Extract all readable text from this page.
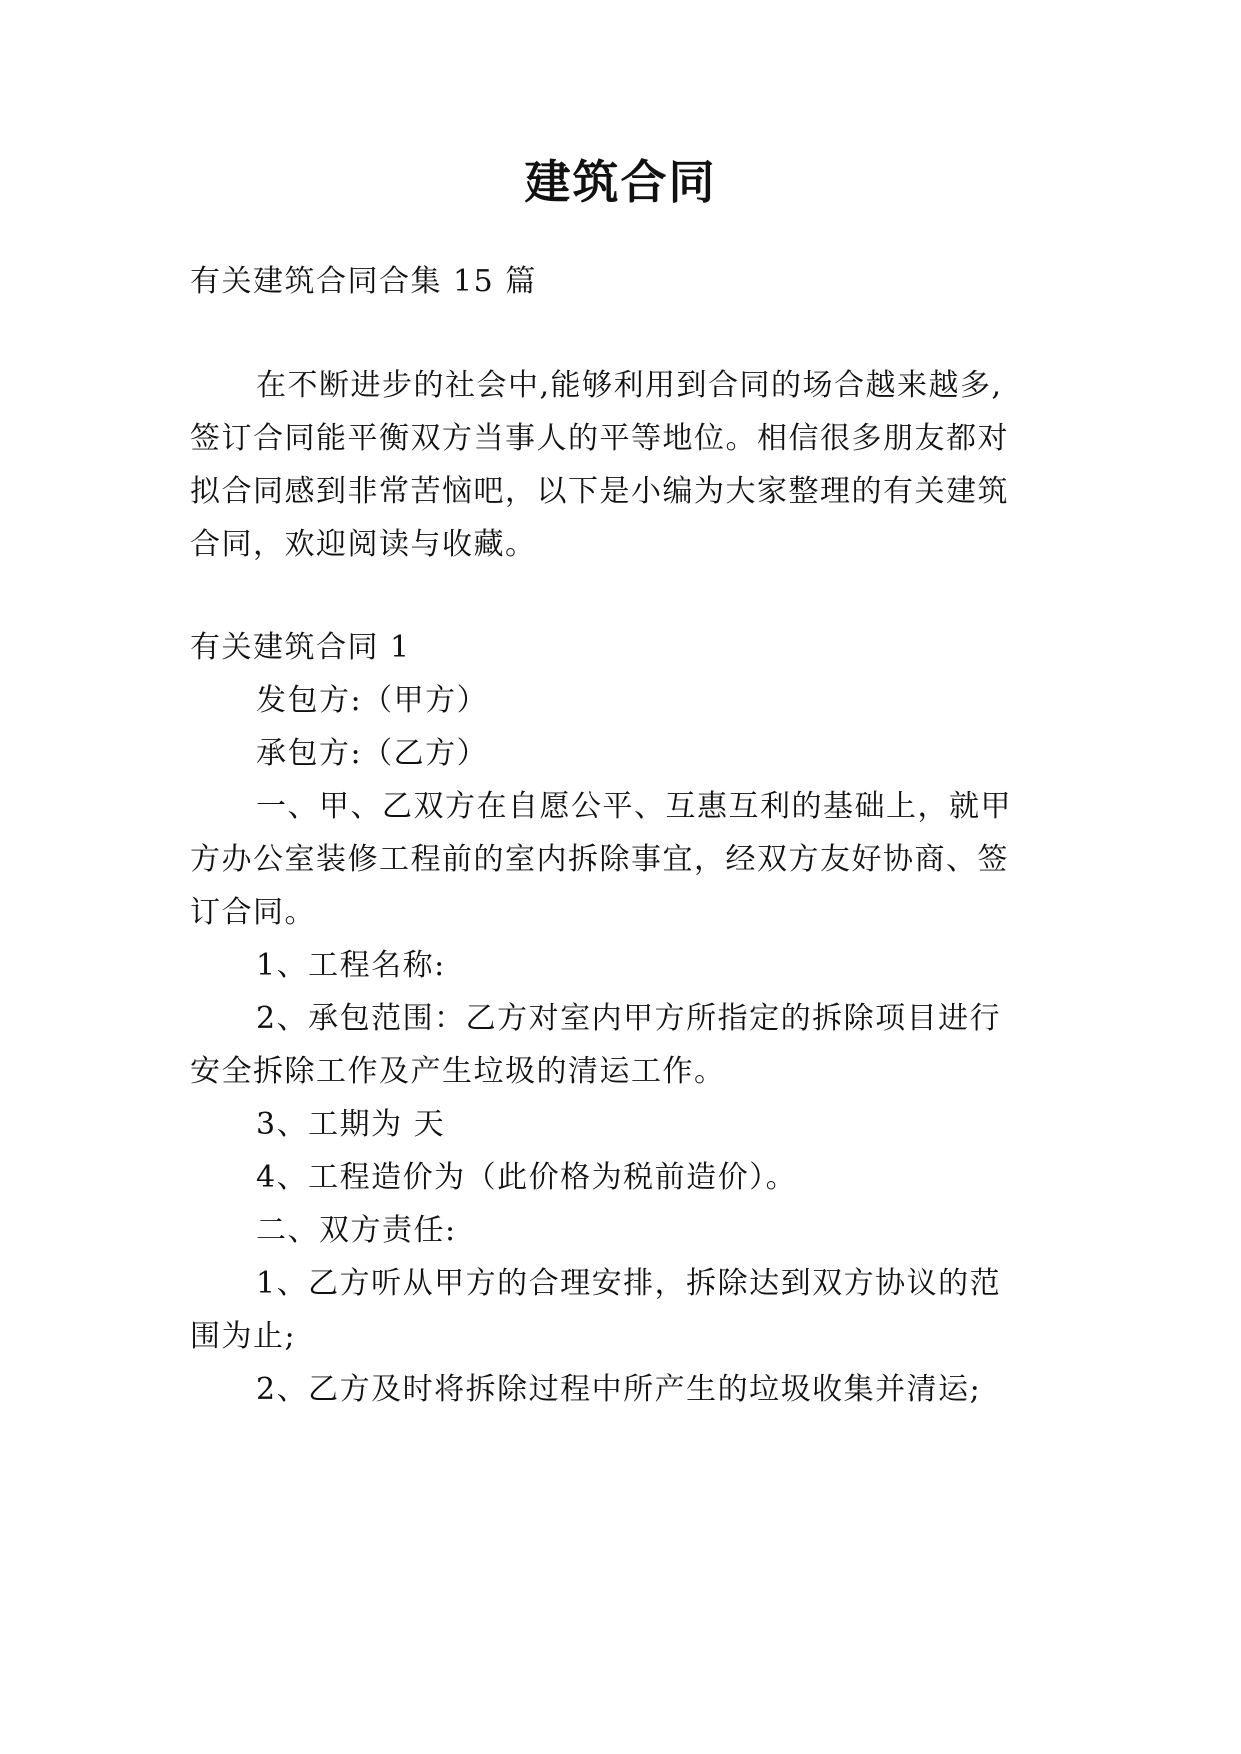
建筑合同
有关建筑合同合集 15 篇
在不断进步的社会中,能够利用到合同的场合越来越多,
签订合同能平衡双方当事人的平等地位。相信很多朋友都对
拟合同感到非常苦恼吧，以下是小编为大家整理的有关建筑
合同，欢迎阅读与收藏。
有关建筑合同 1
发包方:（甲方）
承包方:（乙方）
一、甲、乙双方在自愿公平、互惠互利的基础上，就甲
方办公室装修工程前的室内拆除事宜，经双方友好协商、签
订合同。
1、工程名称:
2、承包范围：乙方对室内甲方所指定的拆除项目进行
安全拆除工作及产生垃圾的清运工作。
3、工期为 天
4、工程造价为（此价格为税前造价）。
二、双方责任:
1、乙方听从甲方的合理安排，拆除达到双方协议的范
围为止;
2、乙方及时将拆除过程中所产生的垃圾收集并清运;
